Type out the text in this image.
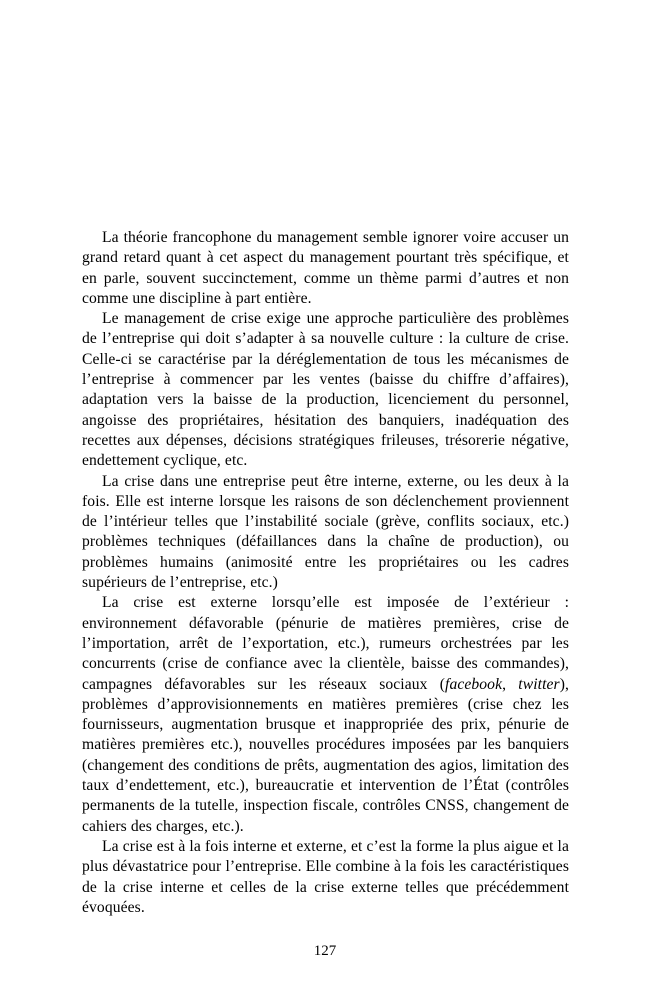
La théorie francophone du management semble ignorer voire accuser un grand retard quant à cet aspect du management pourtant très spécifique, et en parle, souvent succinctement, comme un thème parmi d’autres et non comme une discipline à part entière.

Le management de crise exige une approche particulière des problèmes de l’entreprise qui doit s’adapter à sa nouvelle culture : la culture de crise. Celle-ci se caractérise par la déréglementation de tous les mécanismes de l’entreprise à commencer par les ventes (baisse du chiffre d’affaires), adaptation vers la baisse de la production, licenciement du personnel, angoisse des propriétaires, hésitation des banquiers, inadéquation des recettes aux dépenses, décisions stratégiques frileuses, trésorerie négative, endettement cyclique, etc.

La crise dans une entreprise peut être interne, externe, ou les deux à la fois. Elle est interne lorsque les raisons de son déclenchement proviennent de l’intérieur telles que l’instabilité sociale (grève, conflits sociaux, etc.) problèmes techniques (défaillances dans la chaîne de production), ou problèmes humains (animosité entre les propriétaires ou les cadres supérieurs de l’entreprise, etc.)

La crise est externe lorsqu’elle est imposée de l’extérieur : environnement défavorable (pénurie de matières premières, crise de l’importation, arrêt de l’exportation, etc.), rumeurs orchestrées par les concurrents (crise de confiance avec la clientèle, baisse des commandes), campagnes défavorables sur les réseaux sociaux (facebook, twitter), problèmes d’approvisionnements en matières premières (crise chez les fournisseurs, augmentation brusque et inappropriée des prix, pénurie de matières premières etc.), nouvelles procédures imposées par les banquiers (changement des conditions de prêts, augmentation des agios, limitation des taux d’endettement, etc.), bureaucratie et intervention de l’État (contrôles permanents de la tutelle, inspection fiscale, contrôles CNSS, changement de cahiers des charges, etc.).

La crise est à la fois interne et externe, et c’est la forme la plus aigue et la plus dévastatrice pour l’entreprise. Elle combine à la fois les caractéristiques de la crise interne et celles de la crise externe telles que précédemment évoquées.

127
